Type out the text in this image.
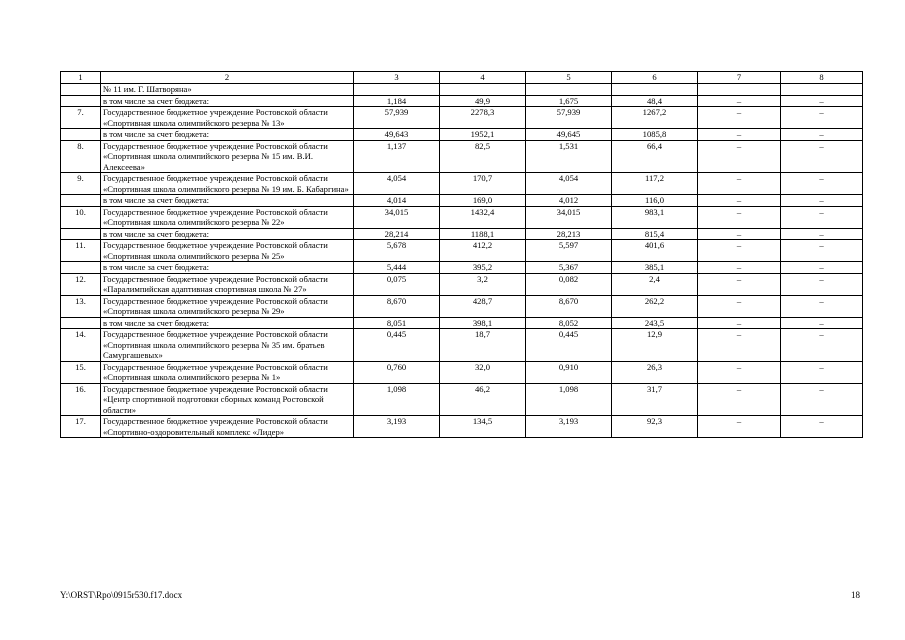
1	2	3	4	5	6	7	8
	№ 11 им. Г. Шатворяна»						
	в том числе за счет бюджета:	1,184	49,9	1,675	48,4	–	–
7.	Государственное бюджетное учреждение Ростовской области «Спортивная школа олимпийского резерва № 13»	57,939	2278,3	57,939	1267,2	–	–
	в том числе за счет бюджета:	49,643	1952,1	49,645	1085,8	–	–
8.	Государственное бюджетное учреждение Ростовской области «Спортивная школа олимпийского резерва № 15 им. В.И. Алексеева»	1,137	82,5	1,531	66,4	–	–
9.	Государственное бюджетное учреждение Ростовской области «Спортивная школа олимпийского резерва № 19 им. Б. Кабаргина»	4,054	170,7	4,054	117,2	–	–
	в том числе за счет бюджета:	4,014	169,0	4,012	116,0	–	–
10.	Государственное бюджетное учреждение Ростовской области «Спортивная школа олимпийского резерва № 22»	34,015	1432,4	34,015	983,1	–	–
	в том числе за счет бюджета:	28,214	1188,1	28,213	815,4	–	–
11.	Государственное бюджетное учреждение Ростовской области «Спортивная школа олимпийского резерва № 25»	5,678	412,2	5,597	401,6	–	–
	в том числе за счет бюджета:	5,444	395,2	5,367	385,1	–	–
12.	Государственное бюджетное учреждение Ростовской области «Паралимпийская адаптивная спортивная школа № 27»	0,075	3,2	0,082	2,4	–	–
13.	Государственное бюджетное учреждение Ростовской области «Спортивная школа олимпийского резерва № 29»	8,670	428,7	8,670	262,2	–	–
	в том числе за счет бюджета:	8,051	398,1	8,052	243,5	–	–
14.	Государственное бюджетное учреждение Ростовской области «Спортивная школа олимпийского резерва № 35 им. братьев Самургашевых»	0,445	18,7	0,445	12,9	–	–
15.	Государственное бюджетное учреждение Ростовской области «Спортивная школа олимпийского резерва № 1»	0,760	32,0	0,910	26,3	–	–
16.	Государственное бюджетное учреждение Ростовской области «Центр спортивной подготовки сборных команд Ростовской области»	1,098	46,2	1,098	31,7	–	–
17.	Государственное бюджетное учреждение Ростовской области «Спортивно-оздоровительный комплекс «Лидер»	3,193	134,5	3,193	92,3	–	–
Y:\ORST\Rpo\0915r530.f17.docx	18
